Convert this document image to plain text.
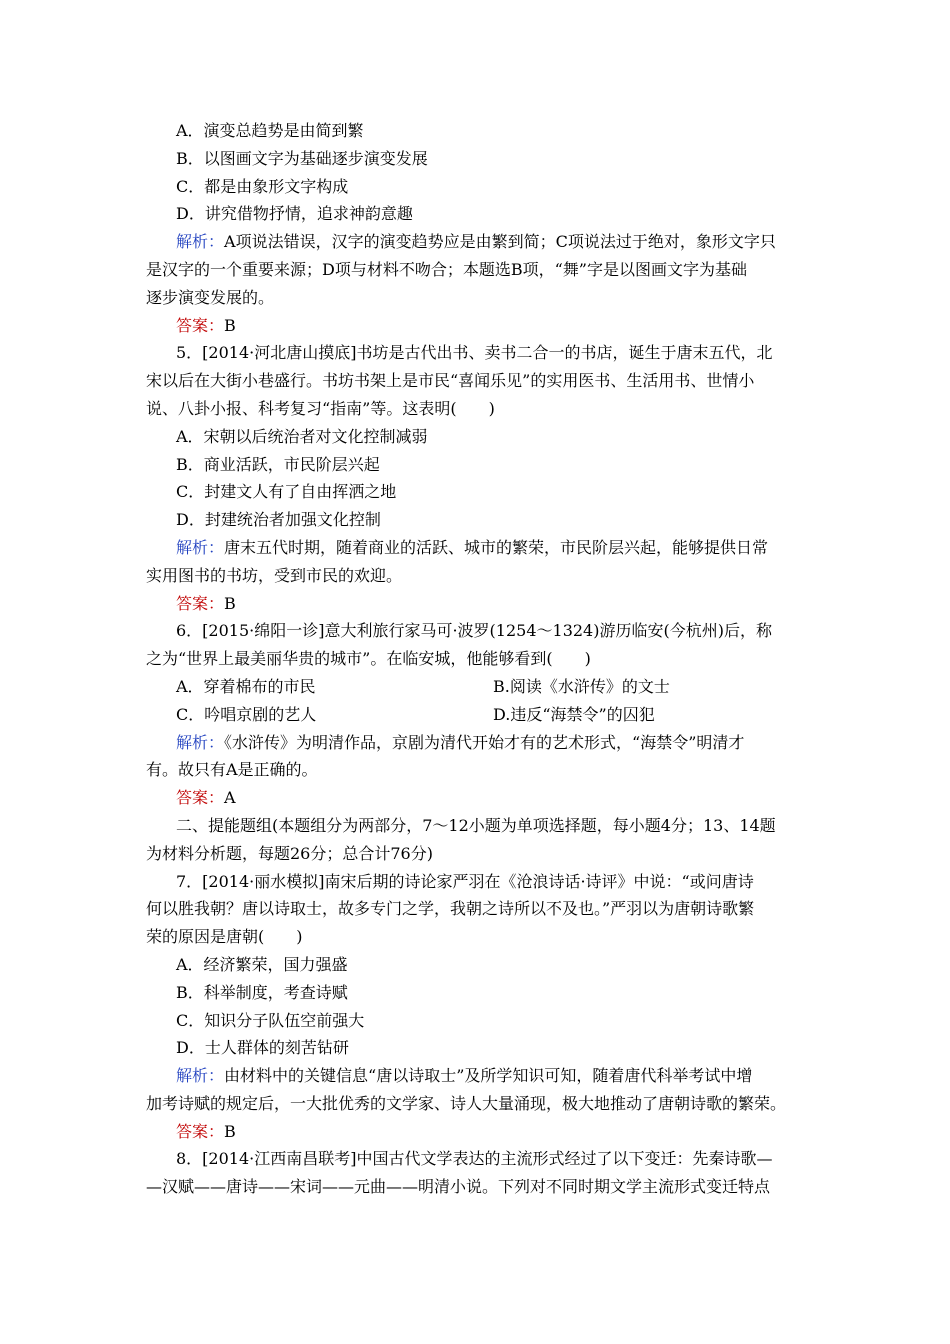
A．演变总趋势是由简到繁
B．以图画文字为基础逐步演变发展
C．都是由象形文字构成
D．讲究借物抒情，追求神韵意趣
解析：A项说法错误，汉字的演变趋势应是由繁到简；C项说法过于绝对，象形文字只
是汉字的一个重要来源；D项与材料不吻合；本题选B项，“舞”字是以图画文字为基础
逐步演变发展的。
答案：B
5．[2014·河北唐山摸底]书坊是古代出书、卖书二合一的书店，诞生于唐末五代，北
宋以后在大街小巷盛行。书坊书架上是市民“喜闻乐见”的实用医书、生活用书、世情小
说、八卦小报、科考复习“指南”等。这表明(　　)
A．宋朝以后统治者对文化控制减弱
B．商业活跃，市民阶层兴起
C．封建文人有了自由挥洒之地
D．封建统治者加强文化控制
解析：唐末五代时期，随着商业的活跃、城市的繁荣，市民阶层兴起，能够提供日常
实用图书的书坊，受到市民的欢迎。
答案：B
6．[2015·绵阳一诊]意大利旅行家马可·波罗(1254～1324)游历临安(今杭州)后，称
之为“世界上最美丽华贵的城市”。在临安城，他能够看到(　　)
A．穿着棉布的市民	B.阅读《水浒传》的文士
C．吟唱京剧的艺人	D.违反“海禁令”的囚犯
解析：《水浒传》为明清作品，京剧为清代开始才有的艺术形式，“海禁令”明清才
有。故只有A是正确的。
答案：A
二、提能题组(本题组分为两部分，7～12小题为单项选择题，每小题4分；13、14题
为材料分析题，每题26分；总合计76分)
7．[2014·丽水模拟]南宋后期的诗论家严羽在《沧浪诗话·诗评》中说：“或问唐诗
何以胜我朝？唐以诗取士，故多专门之学，我朝之诗所以不及也。”严羽以为唐朝诗歌繁
荣的原因是唐朝(　　)
A．经济繁荣，国力强盛
B．科举制度，考查诗赋
C．知识分子队伍空前强大
D．士人群体的刻苦钻研
解析：由材料中的关键信息“唐以诗取士”及所学知识可知，随着唐代科举考试中增
加考诗赋的规定后，一大批优秀的文学家、诗人大量涌现，极大地推动了唐朝诗歌的繁荣。
答案：B
8．[2014·江西南昌联考]中国古代文学表达的主流形式经过了以下变迁：先秦诗歌—
—汉赋——唐诗——宋词——元曲——明清小说。下列对不同时期文学主流形式变迁特点
